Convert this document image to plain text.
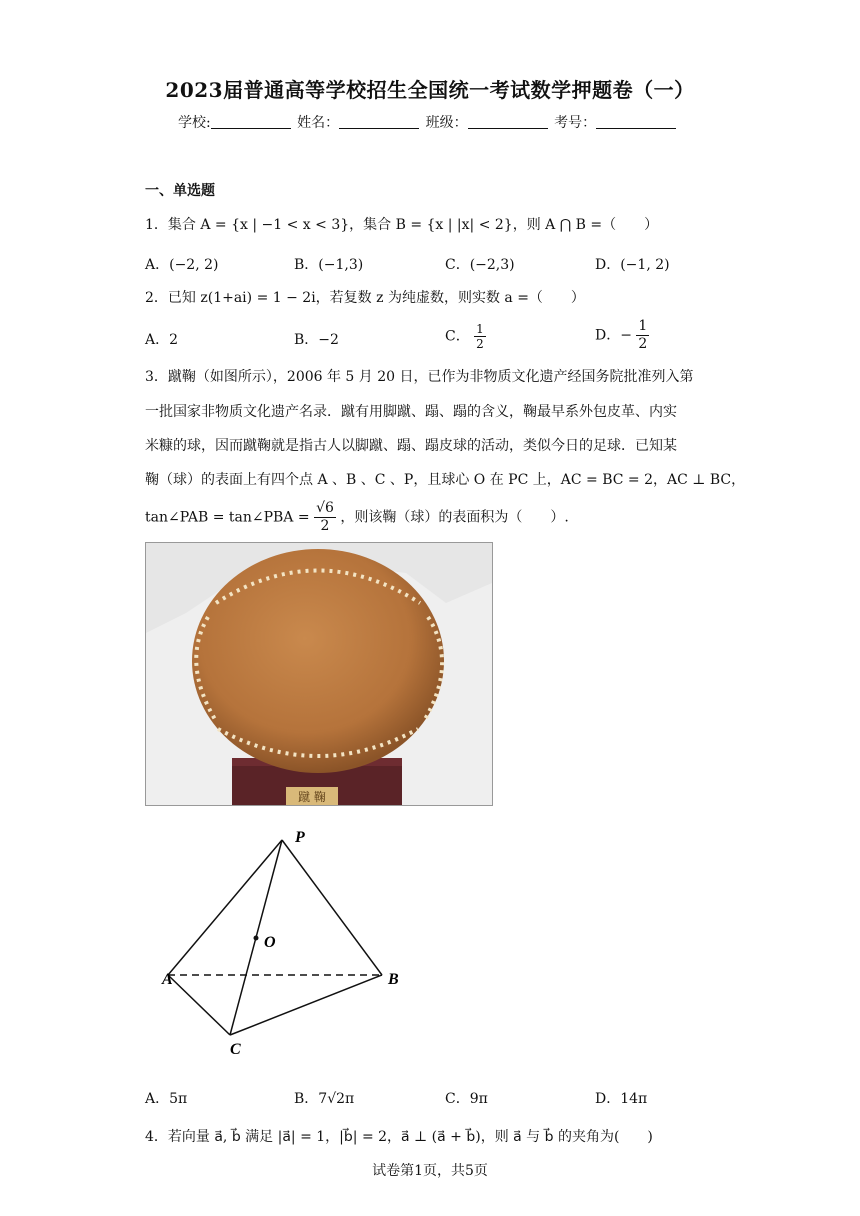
2023届普通高等学校招生全国统一考试数学押题卷（一）
学校:	姓名：	班级：	考号：
一、单选题
1．集合 A = {x | −1 < x < 3}，集合 B = {x | |x| < 2}，则 A ⋂ B =（　　）
A．(−2, 2)	B．(−1,3)	C．(−2,3)	D．(−1, 2)
2．已知 z(1+ai) = 1 − 2i，若复数 z 为纯虚数，则实数 a =（　　）
A．2	B．−2	C． $\frac{1}{2}$	D．− $\frac{1}{2}$
3．蹴鞠（如图所示），2006 年 5 月 20 日，已作为非物质文化遗产经国务院批准列入第
一批国家非物质文化遗产名录．蹴有用脚蹴、蹋、蹋的含义，鞠最早系外包皮革、内实
米糠的球，因而蹴鞠就是指古人以脚蹴、蹋、蹋皮球的活动，类似今日的足球．已知某
鞠（球）的表面上有四个点 A 、B 、C 、P，且球心 O 在 PC 上，AC = BC = 2，AC ⊥ BC，
tan∠PAB = tan∠PBA = $\frac{√6}{2}$ ，则该鞠（球）的表面积为（　　）.
蹴 鞠
P
O
A	B
C
A．5π	B．7√2π	C．9π	D．14π
4．若向量 a⃗, b⃗ 满足 |a⃗| = 1，|b⃗| = 2，a⃗ ⊥ (a⃗ + b⃗)，则 a⃗ 与 b⃗ 的夹角为(　　)
试卷第1页，共5页
